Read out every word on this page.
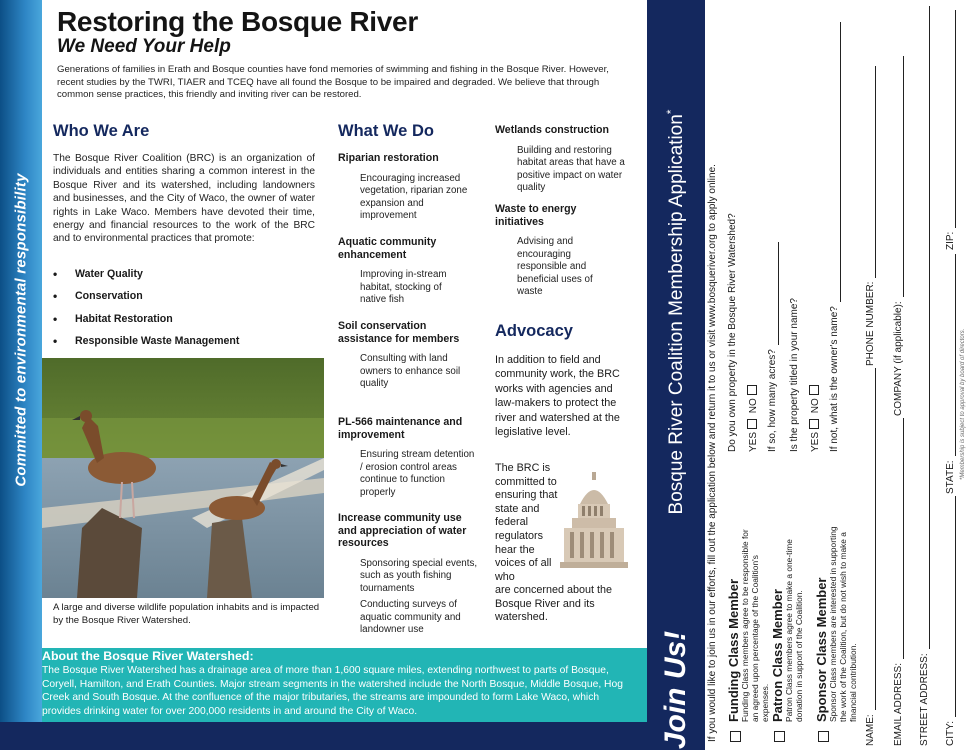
Committed to environmental responsibility
Restoring the Bosque River
We Need Your Help
Generations of families in Erath and Bosque counties have fond memories of swimming and fishing in the Bosque River. However, recent studies by the TWRI, TIAER and TCEQ have all found the Bosque to be impaired and degraded. We believe that through common sense practices, this friendly and inviting river can be restored.
Who We Are
The Bosque River Coalition (BRC) is an organization of individuals and entities sharing a common interest in the Bosque River and its watershed, including landowners and businesses, and the City of Waco, the owner of water rights in Lake Waco. Members have devoted their time, energy and financial resources to the work of the BRC and to environmental practices that promote:
•	Water Quality
•	Conservation
•	Habitat Restoration
•	Responsible Waste Management
A large and diverse wildlife population inhabits and is impacted by the Bosque River Watershed.
What We Do
Riparian restoration
Encouraging increased vegetation, riparian zone expansion and improvement
Aquatic community enhancement
Improving in-stream habitat, stocking of native fish
Soil conservation assistance for members
Consulting with land owners to enhance soil quality
PL-566 maintenance and improvement
Ensuring stream detention / erosion control areas continue to function properly
Increase community use and appreciation of water resources
Sponsoring special events, such as youth fishing tournaments
Conducting surveys of aquatic community and landowner use
Wetlands construction
Building and restoring habitat areas that have a positive impact on water quality
Waste to energy initiatives
Advising and encouraging responsible and beneficial uses of waste
Advocacy
In addition to field and community work, the BRC works with agencies and law-makers to protect the river and watershed at the legislative level.
The BRC is committed to ensuring that state and federal regulators hear the voices of all who
are concerned about the Bosque River and its watershed.
About the Bosque River Watershed:
The Bosque River Watershed has a drainage area of more than 1,600 square miles, extending northwest to parts of Bosque, Coryell, Hamilton, and Erath Counties. Major stream segments in the watershed include the North Bosque, Middle Bosque, Hog Creek and South Bosque. At the confluence of the major tributaries, the streams are impounded to form Lake Waco, which provides drinking water for over 200,000 residents in and around the City of Waco.
Bosque River Coalition Membership Application*
Join Us! If you would like to join us in our efforts, fill out the application below and return it to us or visit www.bosqueriver.org to apply online. Funding Class Member Funding Class members agree to be responsible for an agreed upon percentage of the Coalition's expenses. Patron Class Member Patron Class members agree to make a one-time donation in support of the Coalition. Sponsor Class Member Sponsor Class members are interested in supporting the work of the Coalition, but do not wish to make a financial contribution.
Do you own property in the Bosque River Watershed? YES NO If so, how many acres? Is the property titled in your name? YES NO If not, what is the owner's name?
NAME:
PHONE NUMBER:
EMAIL ADDRESS:
COMPANY (if applicable):
STREET ADDRESS: CITY:
STATE:
ZIP:
*Membership is subject to approval by board of directors.
